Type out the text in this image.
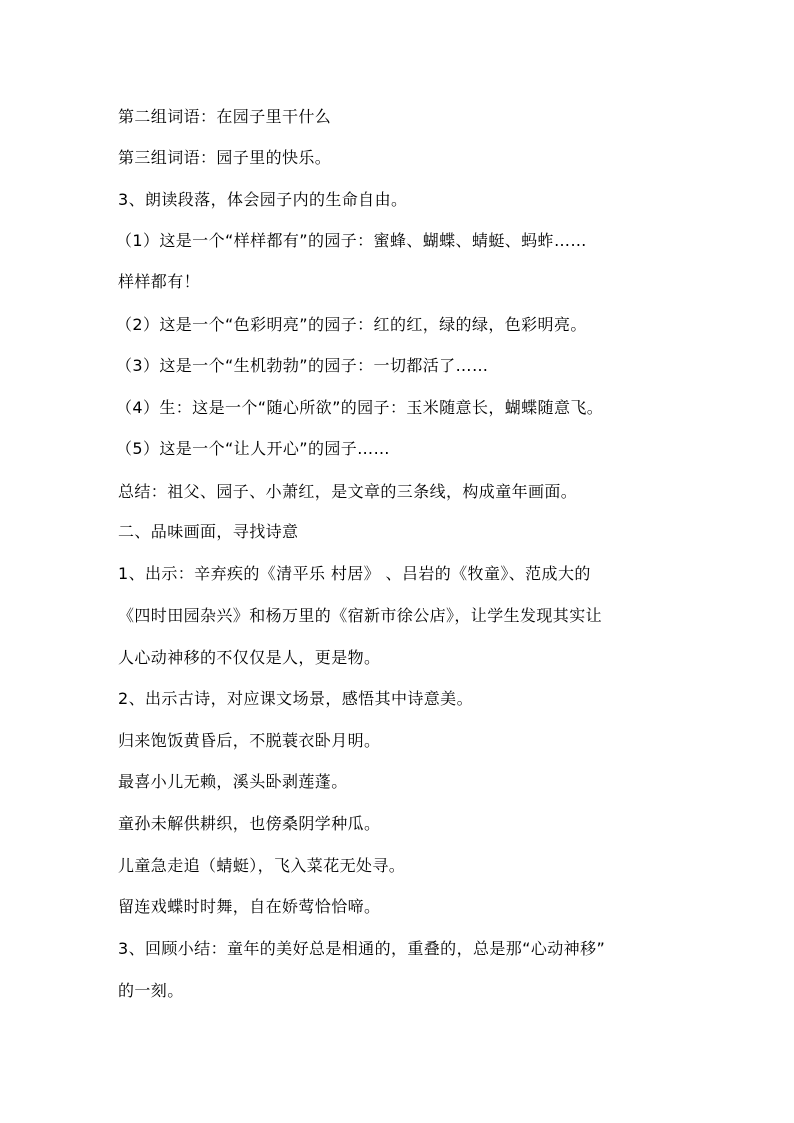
第二组词语：在园子里干什么
第三组词语：园子里的快乐。
3、朗读段落，体会园子内的生命自由。
（1）这是一个“样样都有”的园子：蜜蜂、蝴蝶、蜻蜓、蚂蚱……
样样都有！
（2）这是一个“色彩明亮”的园子：红的红，绿的绿，色彩明亮。
（3）这是一个“生机勃勃”的园子：一切都活了……
（4）生：这是一个“随心所欲”的园子：玉米随意长，蝴蝶随意飞。
（5）这是一个“让人开心”的园子……
总结：祖父、园子、小萧红，是文章的三条线，构成童年画面。
二、品味画面，寻找诗意
1、出示：辛弃疾的《清平乐 村居》 、吕岩的《牧童》、范成大的
《四时田园杂兴》和杨万里的《宿新市徐公店》，让学生发现其实让
人心动神移的不仅仅是人，更是物。
2、出示古诗，对应课文场景，感悟其中诗意美。
归来饱饭黄昏后，不脱蓑衣卧月明。
最喜小儿无赖，溪头卧剥莲蓬。
童孙未解供耕织，也傍桑阴学种瓜。
儿童急走追（蜻蜓），飞入菜花无处寻。
留连戏蝶时时舞，自在娇莺恰恰啼。
3、回顾小结：童年的美好总是相通的，重叠的，总是那“心动神移”
的一刻。
